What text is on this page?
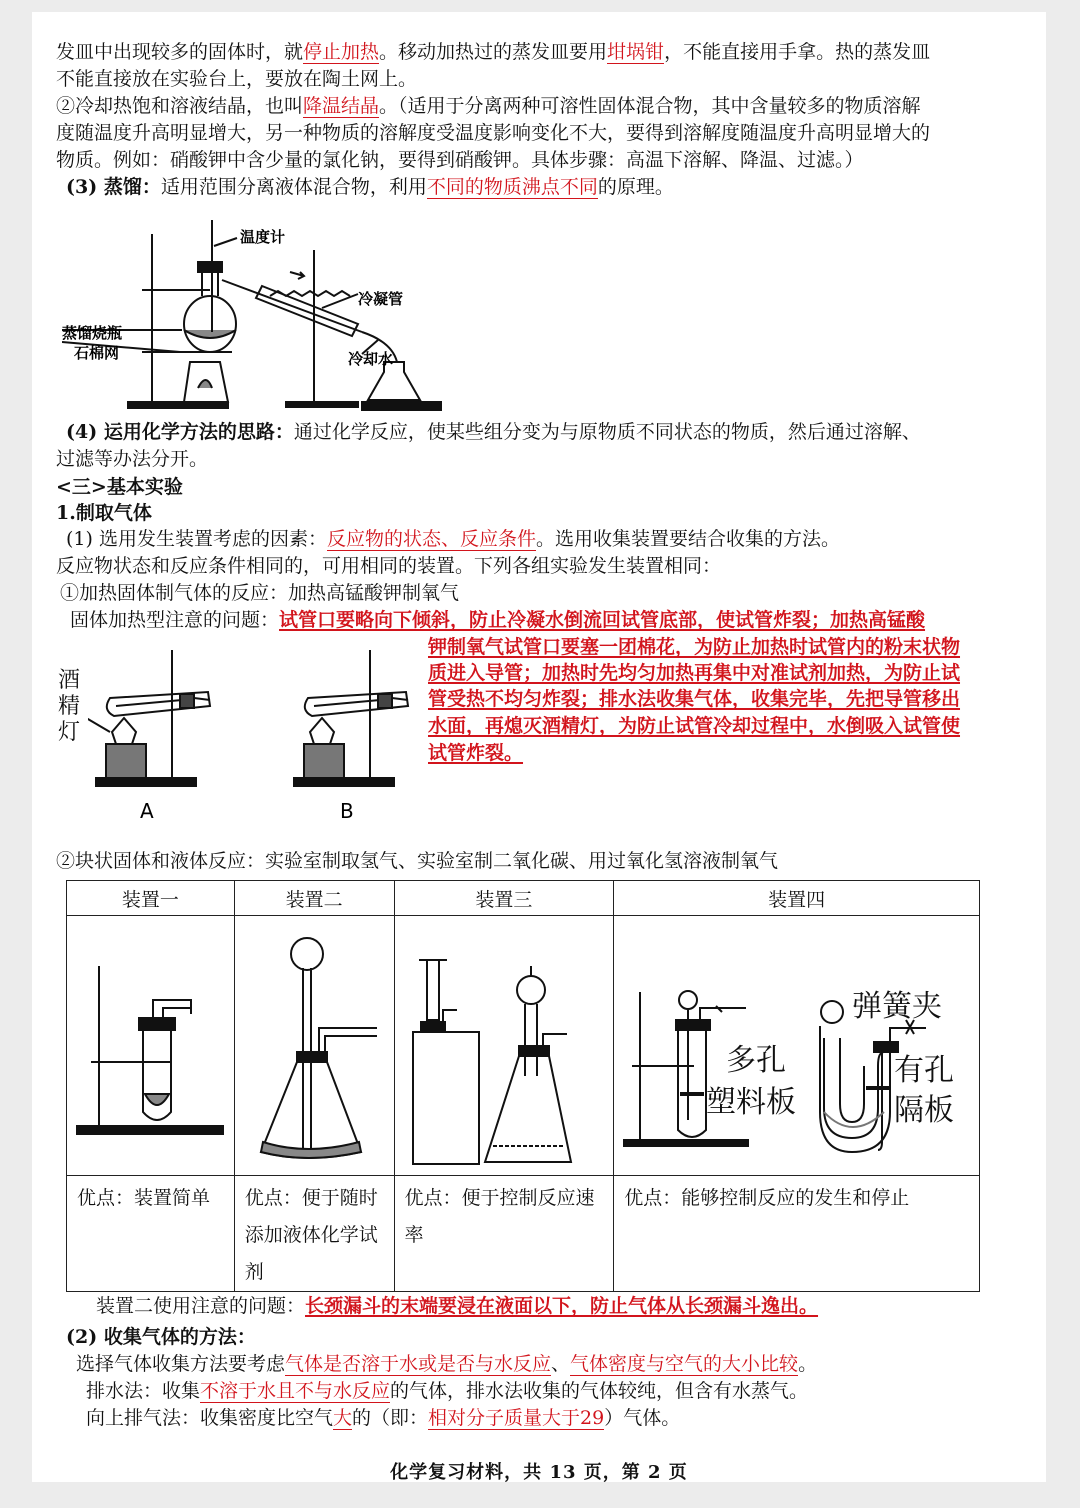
发皿中出现较多的固体时，就停止加热。移动加热过的蒸发皿要用坩埚钳，不能直接用手拿。热的蒸发皿
不能直接放在实验台上，要放在陶土网上。
②冷却热饱和溶液结晶，也叫降温结晶。（适用于分离两种可溶性固体混合物，其中含量较多的物质溶解
度随温度升高明显增大，另一种物质的溶解度受温度影响变化不大，要得到溶解度随温度升高明显增大的
物质。例如：硝酸钾中含少量的氯化钠，要得到硝酸钾。具体步骤：高温下溶解、降温、过滤。）
(3) 蒸馏：适用范围分离液体混合物，利用不同的物质沸点不同的原理。
温度计
冷凝管
蒸馏烧瓶
石棉网	冷却水
(4) 运用化学方法的思路：通过化学反应，使某些组分变为与原物质不同状态的物质，然后通过溶解、
过滤等办法分开。
<三>基本实验
1.制取气体
(1) 选用发生装置考虑的因素：反应物的状态、反应条件。选用收集装置要结合收集的方法。
反应物状态和反应条件相同的，可用相同的装置。下列各组实验发生装置相同：
①加热固体制气体的反应：加热高锰酸钾制氧气
固体加热型注意的问题：试管口要略向下倾斜，防止冷凝水倒流回试管底部，使试管炸裂；加热高锰酸
钾制氧气试管口要塞一团棉花，为防止加热时试管内的粉末状物
质进入导管；加热时先均匀加热再集中对准试剂加热，为防止试
管受热不均匀炸裂；排水法收集气体，收集完毕，先把导管移出
水面，再熄灭酒精灯，为防止试管冷却过程中，水倒吸入试管使
试管炸裂。
酒
精
灯
A	B
②块状固体和液体反应：实验室制取氢气、实验室制二氧化碳、用过氧化氢溶液制氧气
装置一	装置二	装置三	装置四

多孔
塑料板
弹簧夹
有孔
隔板

优点：装置简单	优点：便于随时添加液体化学试剂	优点：便于控制反应速率	优点：能够控制反应的发生和停止
装置二使用注意的问题：长颈漏斗的末端要浸在液面以下，防止气体从长颈漏斗逸出。
(2) 收集气体的方法：
选择气体收集方法要考虑气体是否溶于水或是否与水反应、气体密度与空气的大小比较。
排水法：收集不溶于水且不与水反应的气体，排水法收集的气体较纯，但含有水蒸气。
向上排气法：收集密度比空气大的（即：相对分子质量大于29）气体。
化学复习材料，共 13 页，第 2 页
